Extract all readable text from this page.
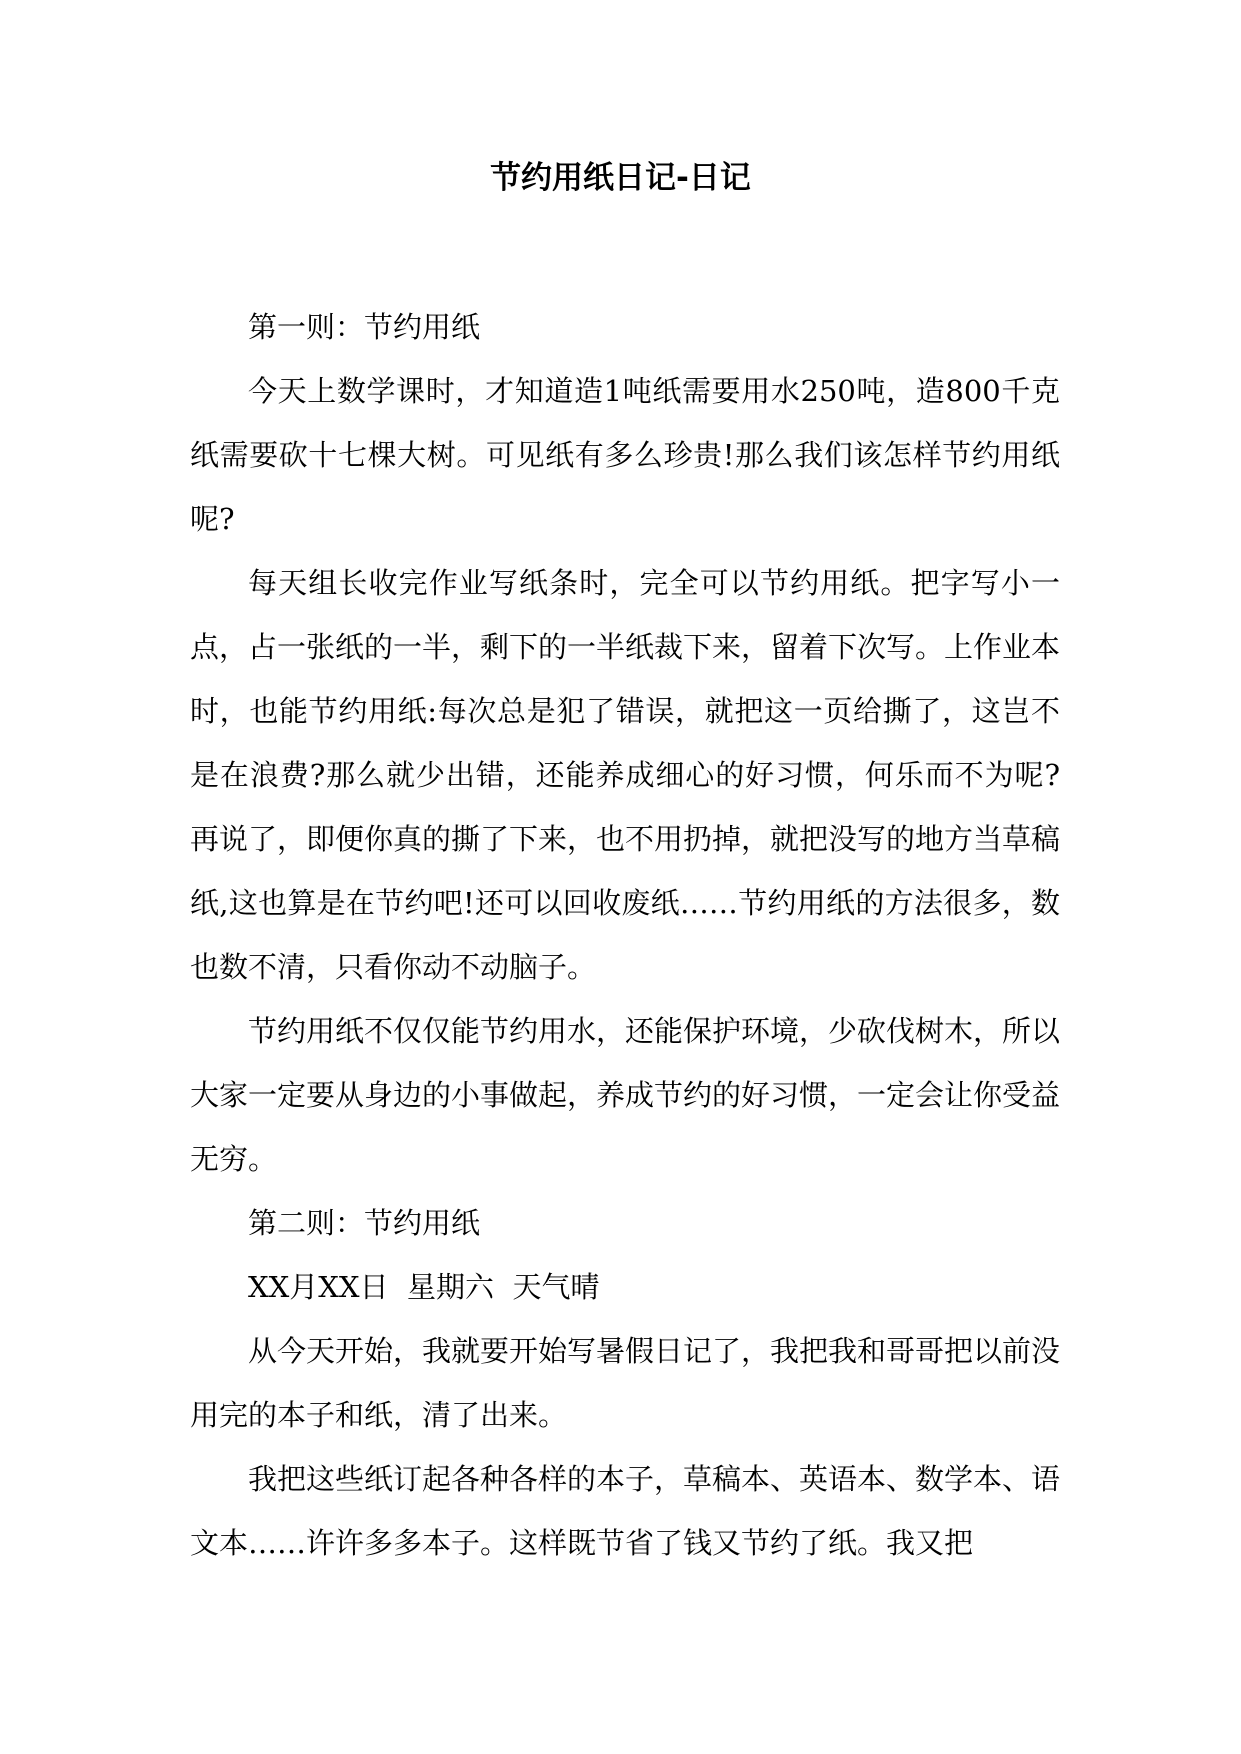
节约用纸日记-日记

第一则：节约用纸

今天上数学课时，才知道造1吨纸需要用水250吨，造800千克纸需要砍十七棵大树。可见纸有多么珍贵!那么我们该怎样节约用纸呢?

每天组长收完作业写纸条时，完全可以节约用纸。把字写小一点，占一张纸的一半，剩下的一半纸裁下来，留着下次写。上作业本时，也能节约用纸:每次总是犯了错误，就把这一页给撕了，这岂不是在浪费?那么就少出错，还能养成细心的好习惯，何乐而不为呢?再说了，即便你真的撕了下来，也不用扔掉，就把没写的地方当草稿纸,这也算是在节约吧!还可以回收废纸……节约用纸的方法很多，数也数不清，只看你动不动脑子。

节约用纸不仅仅能节约用水，还能保护环境，少砍伐树木，所以大家一定要从身边的小事做起，养成节约的好习惯，一定会让你受益无穷。

第二则：节约用纸

XX月XX日  星期六  天气晴

从今天开始，我就要开始写暑假日记了，我把我和哥哥把以前没用完的本子和纸，清了出来。

我把这些纸订起各种各样的本子，草稿本、英语本、数学本、语文本……许许多多本子。这样既节省了钱又节约了纸。我又把
